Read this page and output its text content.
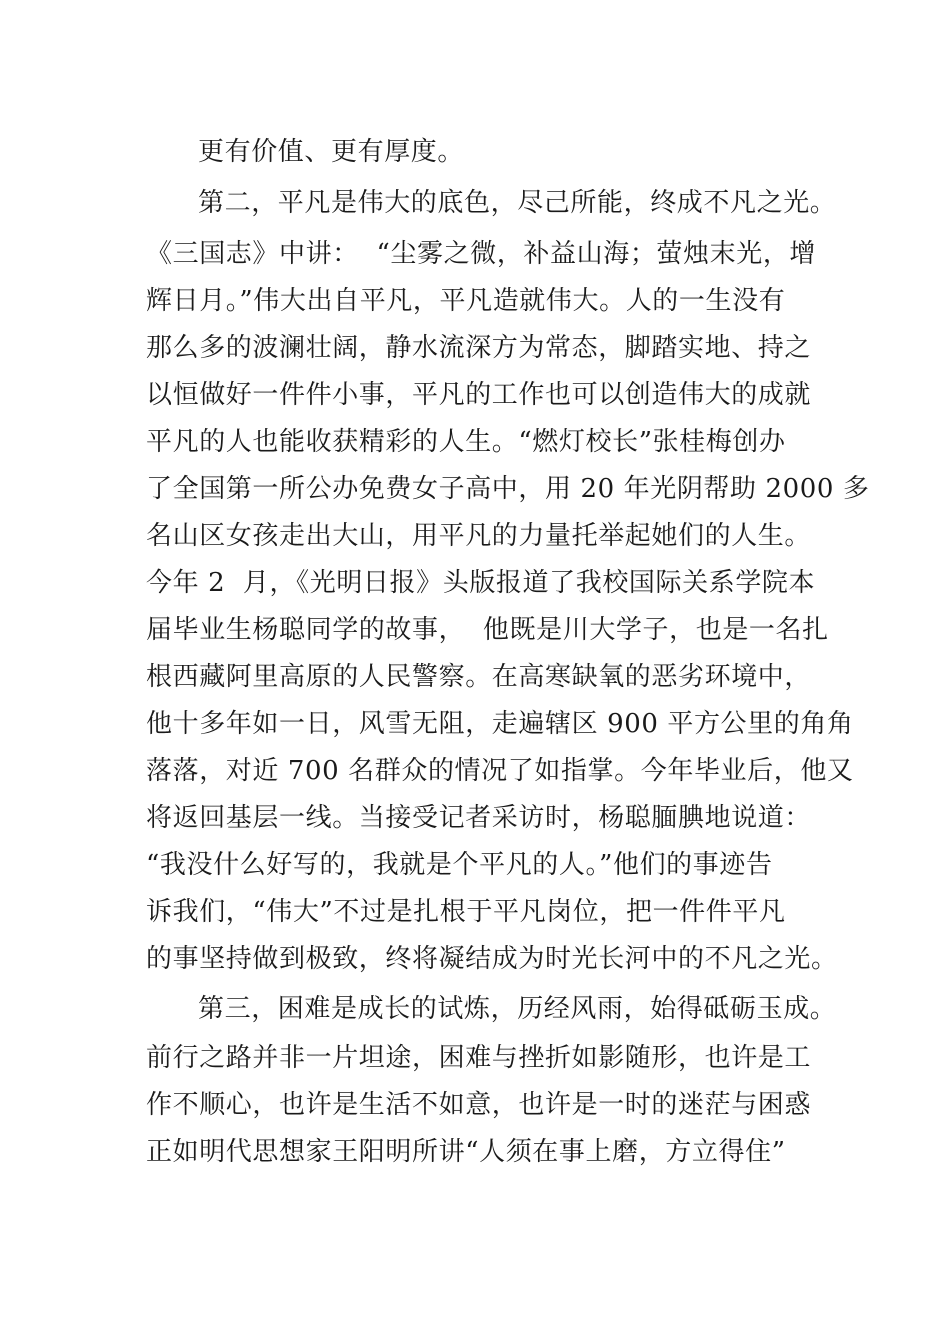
更有价值、更有厚度。
第二，平凡是伟大的底色，尽己所能，终成不凡之光。
《三国志》中讲：  “尘雾之微，补益山海；萤烛末光，增
辉日月。”伟大出自平凡，平凡造就伟大。人的一生没有
那么多的波澜壮阔，静水流深方为常态，脚踏实地、持之
以恒做好一件件小事，平凡的工作也可以创造伟大的成就
平凡的人也能收获精彩的人生。“燃灯校长”张桂梅创办
了全国第一所公办免费女子高中，用 20 年光阴帮助 2000 多
名山区女孩走出大山，用平凡的力量托举起她们的人生。
今年 2  月，《光明日报》头版报道了我校国际关系学院本
届毕业生杨聪同学的故事，  他既是川大学子，也是一名扎
根西藏阿里高原的人民警察。在高寒缺氧的恶劣环境中，
他十多年如一日，风雪无阻，走遍辖区 900 平方公里的角角
落落，对近 700 名群众的情况了如指掌。今年毕业后，他又
将返回基层一线。当接受记者采访时，杨聪腼腆地说道：
“我没什么好写的，我就是个平凡的人。”他们的事迹告
诉我们，“伟大”不过是扎根于平凡岗位，把一件件平凡
的事坚持做到极致，终将凝结成为时光长河中的不凡之光。
第三，困难是成长的试炼，历经风雨，始得砥砺玉成。
前行之路并非一片坦途，困难与挫折如影随形，也许是工
作不顺心，也许是生活不如意，也许是一时的迷茫与困惑
正如明代思想家王阳明所讲“人须在事上磨，方立得住”
